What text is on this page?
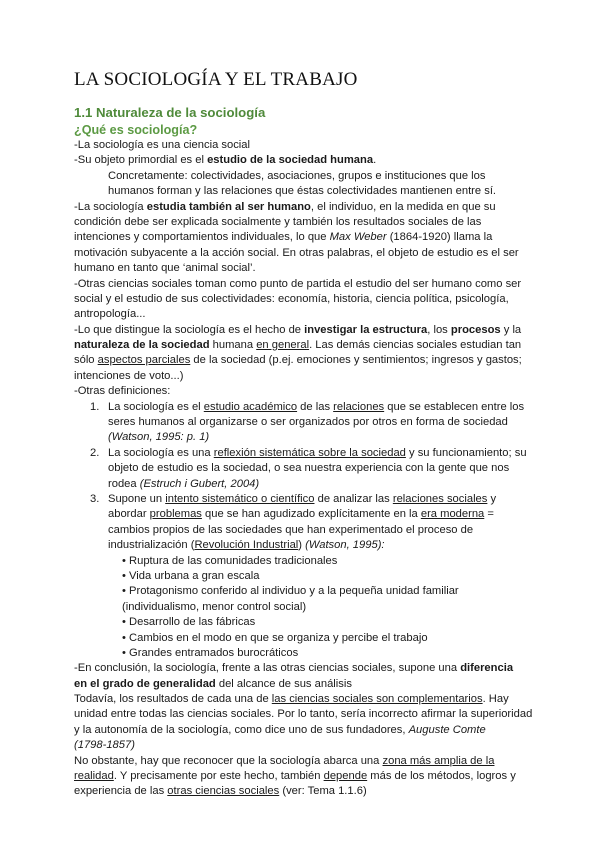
LA SOCIOLOGÍA Y EL TRABAJO
1.1 Naturaleza de la sociología
¿Qué es sociología?
-La sociología es una ciencia social
-Su objeto primordial es el estudio de la sociedad humana.
Concretamente: colectividades, asociaciones, grupos e instituciones que los
humanos forman y las relaciones que éstas colectividades mantienen entre sí.
-La sociología estudia también al ser humano, el individuo, en la medida en que su
condición debe ser explicada socialmente y también los resultados sociales de las
intenciones y comportamientos individuales, lo que Max Weber (1864-1920) llama la
motivación subyacente a la acción social. En otras palabras, el objeto de estudio es el ser
humano en tanto que ‘animal social’.
-Otras ciencias sociales toman como punto de partida el estudio del ser humano como ser
social y el estudio de sus colectividades: economía, historia, ciencia política, psicología,
antropología...
-Lo que distingue la sociología es el hecho de investigar la estructura, los procesos y la
naturaleza de la sociedad humana en general. Las demás ciencias sociales estudian tan
sólo aspectos parciales de la sociedad (p.ej. emociones y sentimientos; ingresos y gastos;
intenciones de voto...)
-Otras definiciones:
1. La sociología es el estudio académico de las relaciones que se establecen entre los
seres humanos al organizarse o ser organizados por otros en forma de sociedad
(Watson, 1995: p. 1)
2. La sociología es una reflexión sistemática sobre la sociedad y su funcionamiento; su
objeto de estudio es la sociedad, o sea nuestra experiencia con la gente que nos
rodea (Estruch i Gubert, 2004)
3. Supone un intento sistemático o científico de analizar las relaciones sociales y
abordar problemas que se han agudizado explícitamente en la era moderna =
cambios propios de las sociedades que han experimentado el proceso de
industrialización (Revolución Industrial) (Watson, 1995):
• Ruptura de las comunidades tradicionales
• Vida urbana a gran escala
• Protagonismo conferido al individuo y a la pequeña unidad familiar
(individualismo, menor control social)
• Desarrollo de las fábricas
• Cambios en el modo en que se organiza y percibe el trabajo
• Grandes entramados burocráticos
-En conclusión, la sociología, frente a las otras ciencias sociales, supone una diferencia
en el grado de generalidad del alcance de sus análisis
Todavía, los resultados de cada una de las ciencias sociales son complementarios. Hay
unidad entre todas las ciencias sociales. Por lo tanto, sería incorrecto afirmar la superioridad
y la autonomía de la sociología, como dice uno de sus fundadores, Auguste Comte
(1798-1857)
No obstante, hay que reconocer que la sociología abarca una zona más amplia de la
realidad. Y precisamente por este hecho, también depende más de los métodos, logros y
experiencia de las otras ciencias sociales (ver: Tema 1.1.6)
